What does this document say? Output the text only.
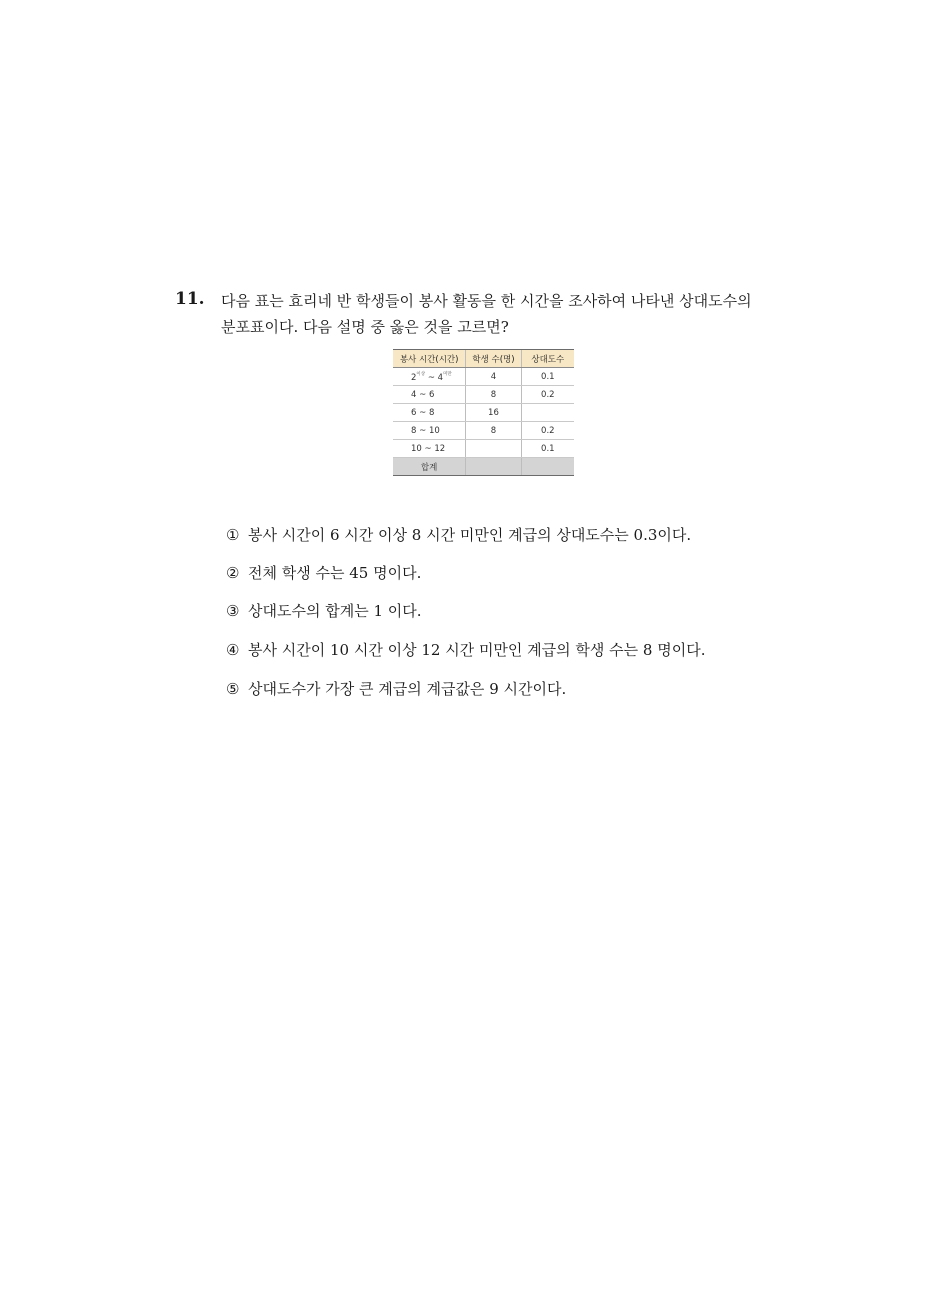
11. 다음 표는 효리네 반 학생들이 봉사 활동을 한 시간을 조사하여 나타낸 상대도수의
분포표이다. 다음 설명 중 옳은 것을 고르면?
봉사 시간(시간)	학생 수(명)	상대도수
$2^{이상}$ ~ $4^{미만}$	4	0.1
4 ~ 6	8	0.2
6 ~ 8	16	
8 ~ 10	8	0.2
10 ~ 12		0.1
합계		
① 봉사 시간이 6 시간 이상 8 시간 미만인 계급의 상대도수는 0.3이다.
② 전체 학생 수는 45 명이다.
③ 상대도수의 합계는 1 이다.
④ 봉사 시간이 10 시간 이상 12 시간 미만인 계급의 학생 수는 8 명이다.
⑤ 상대도수가 가장 큰 계급의 계급값은 9 시간이다.
